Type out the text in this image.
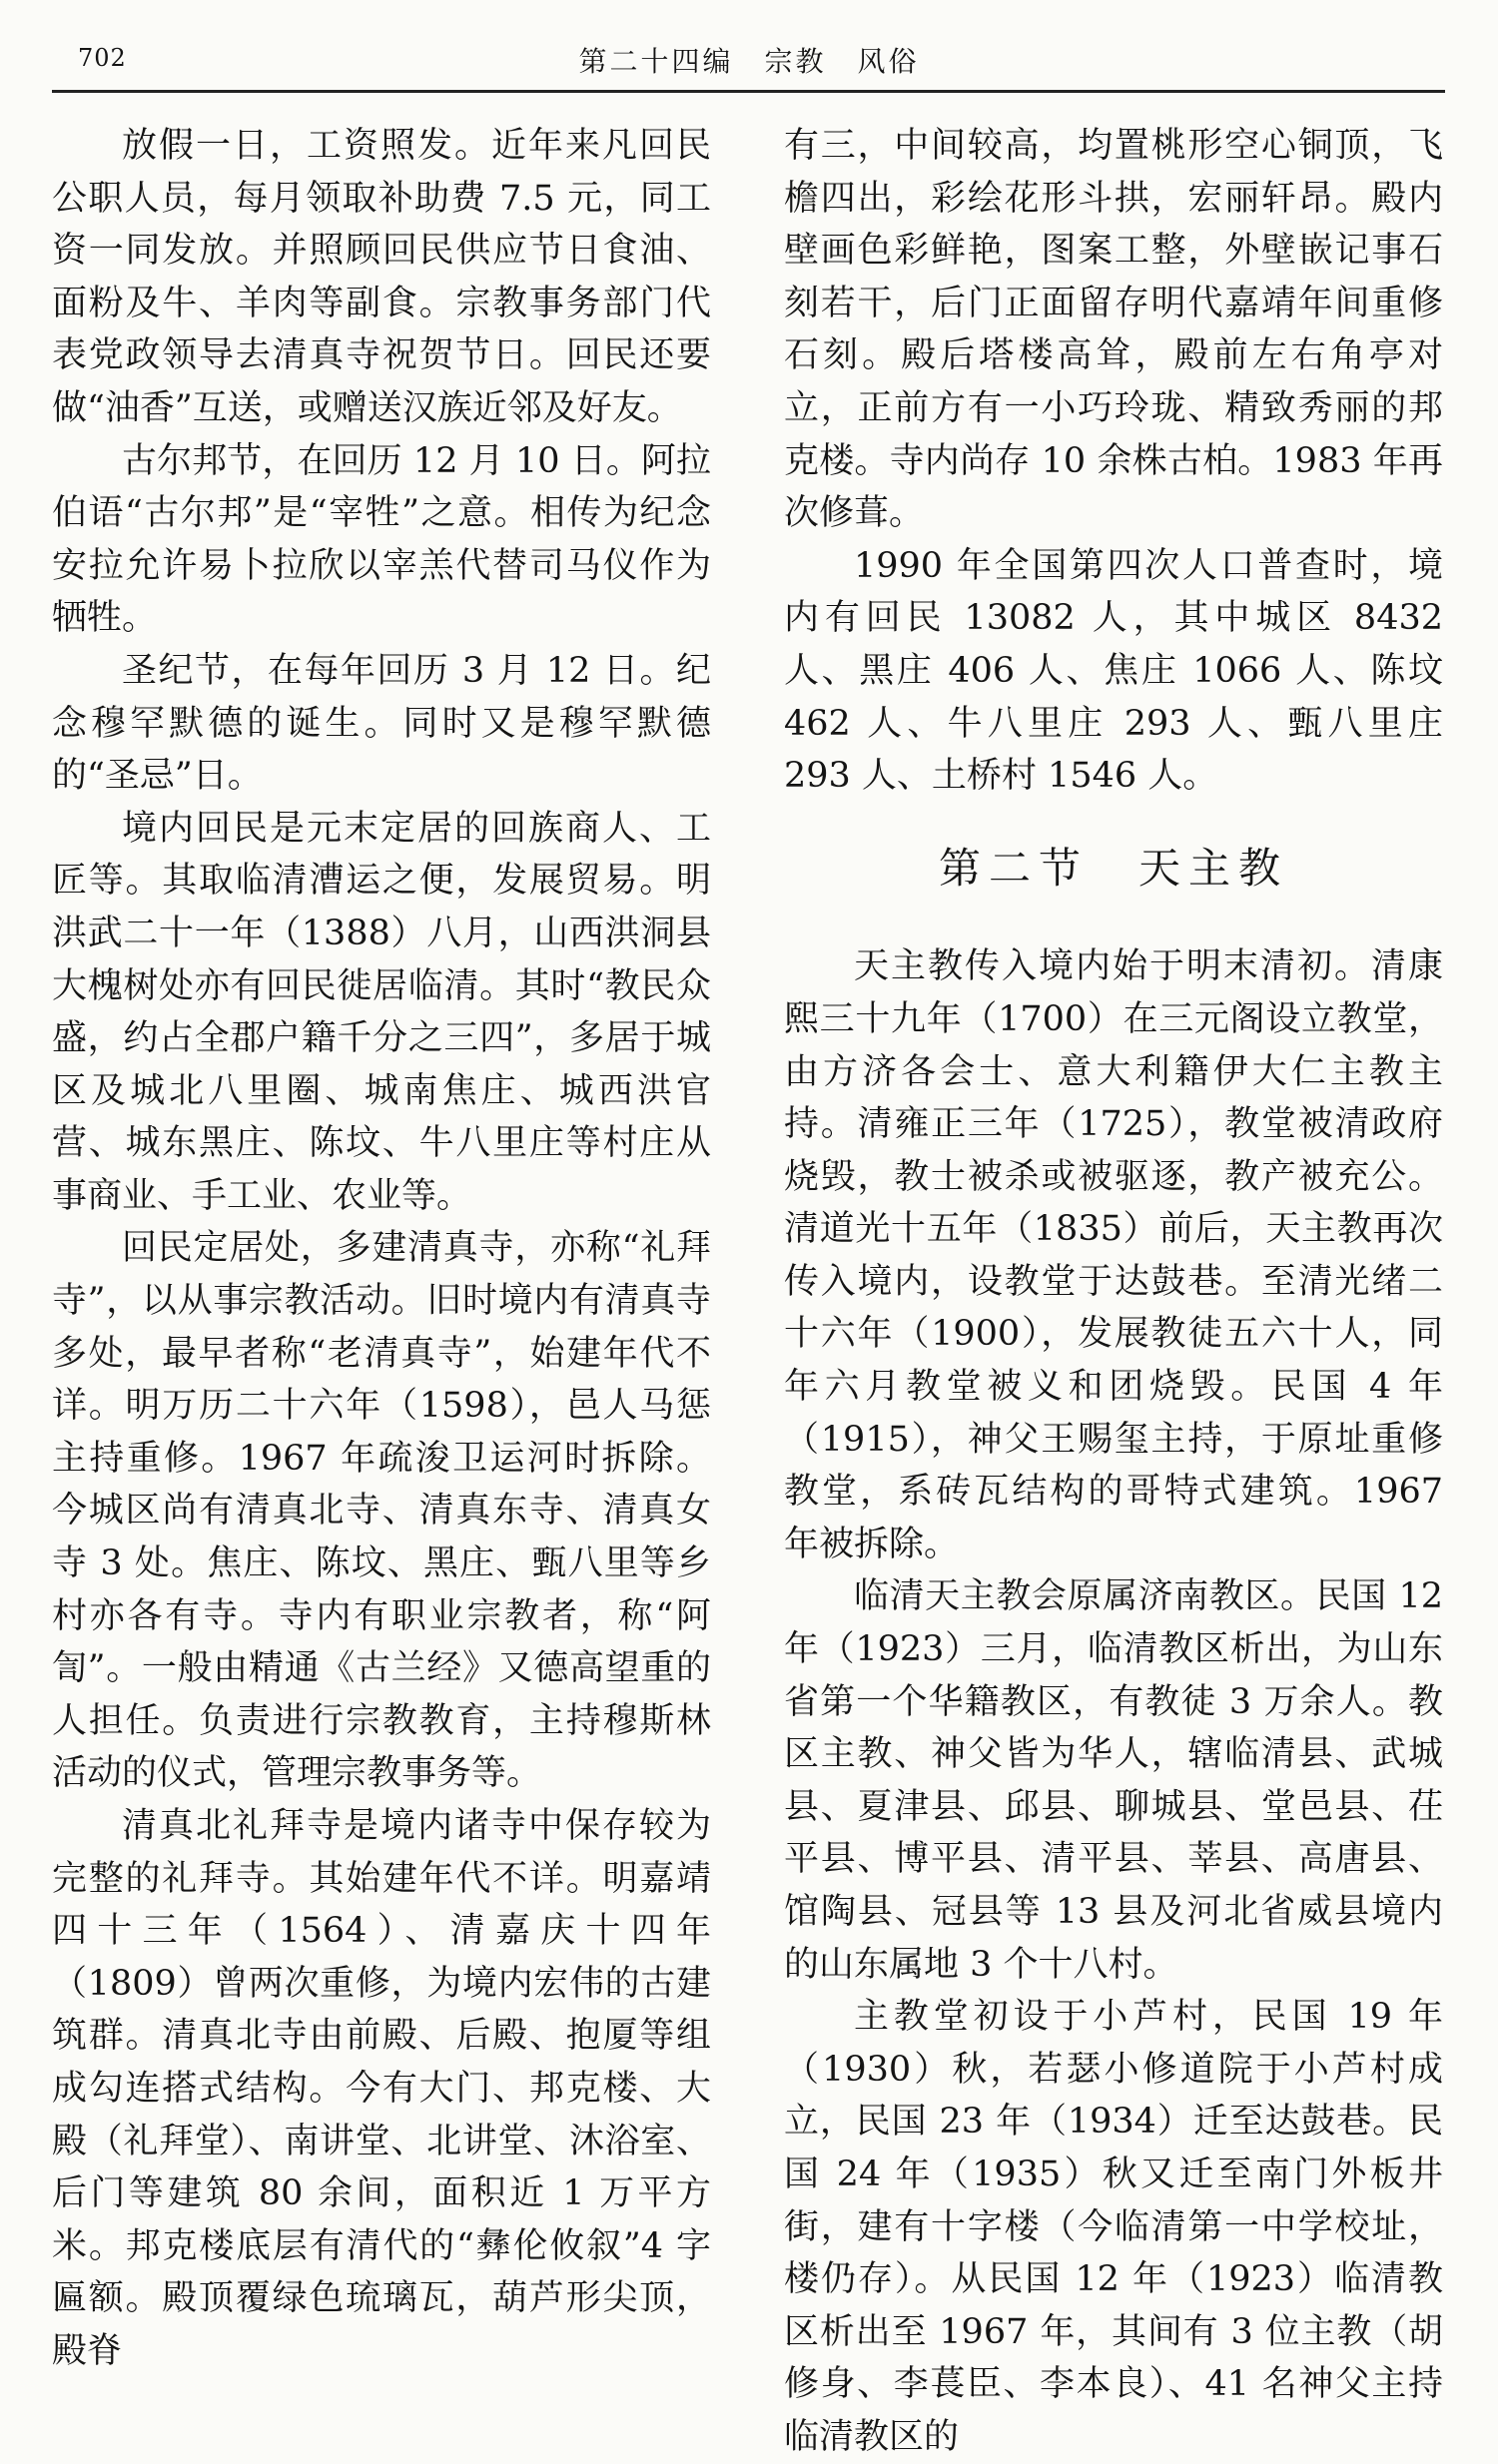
702	第二十四编　宗教　风俗

放假一日，工资照发。近年来凡回民公职人员，每月领取补助费 7.5 元，同工资一同发放。并照顾回民供应节日食油、面粉及牛、羊肉等副食。宗教事务部门代表党政领导去清真寺祝贺节日。回民还要做“油香”互送，或赠送汉族近邻及好友。

古尔邦节，在回历 12 月 10 日。阿拉伯语“古尔邦”是“宰牲”之意。相传为纪念安拉允许易卜拉欣以宰羔代替司马仪作为牺牲。

圣纪节，在每年回历 3 月 12 日。纪念穆罕默德的诞生。同时又是穆罕默德的“圣忌”日。

境内回民是元末定居的回族商人、工匠等。其取临清漕运之便，发展贸易。明洪武二十一年（1388）八月，山西洪洞县大槐树处亦有回民徙居临清。其时“教民众盛，约占全郡户籍千分之三四”，多居于城区及城北八里圈、城南焦庄、城西洪官营、城东黑庄、陈坟、牛八里庄等村庄从事商业、手工业、农业等。

回民定居处，多建清真寺，亦称“礼拜寺”，以从事宗教活动。旧时境内有清真寺多处，最早者称“老清真寺”，始建年代不详。明万历二十六年（1598），邑人马惩主持重修。1967 年疏浚卫运河时拆除。今城区尚有清真北寺、清真东寺、清真女寺 3 处。焦庄、陈坟、黑庄、甄八里等乡村亦各有寺。寺内有职业宗教者，称“阿訇”。一般由精通《古兰经》又德高望重的人担任。负责进行宗教教育，主持穆斯林活动的仪式，管理宗教事务等。

清真北礼拜寺是境内诸寺中保存较为完整的礼拜寺。其始建年代不详。明嘉靖四十三年（1564）、清嘉庆十四年（1809）曾两次重修，为境内宏伟的古建筑群。清真北寺由前殿、后殿、抱厦等组成勾连搭式结构。今有大门、邦克楼、大殿（礼拜堂）、南讲堂、北讲堂、沐浴室、后门等建筑 80 余间，面积近 1 万平方米。邦克楼底层有清代的“彝伦攸叙”4 字匾额。殿顶覆绿色琉璃瓦，葫芦形尖顶，殿脊

有三，中间较高，均置桃形空心铜顶，飞檐四出，彩绘花形斗拱，宏丽轩昂。殿内壁画色彩鲜艳，图案工整，外壁嵌记事石刻若干，后门正面留存明代嘉靖年间重修石刻。殿后塔楼高耸，殿前左右角亭对立，正前方有一小巧玲珑、精致秀丽的邦克楼。寺内尚存 10 余株古柏。1983 年再次修葺。

1990 年全国第四次人口普查时，境内有回民 13082 人，其中城区 8432 人、黑庄 406 人、焦庄 1066 人、陈坟 462 人、牛八里庄 293 人、甄八里庄 293 人、土桥村 1546 人。

第二节　天主教

天主教传入境内始于明末清初。清康熙三十九年（1700）在三元阁设立教堂，由方济各会士、意大利籍伊大仁主教主持。清雍正三年（1725），教堂被清政府烧毁，教士被杀或被驱逐，教产被充公。清道光十五年（1835）前后，天主教再次传入境内，设教堂于达鼓巷。至清光绪二十六年（1900），发展教徒五六十人，同年六月教堂被义和团烧毁。民国 4 年（1915），神父王赐玺主持，于原址重修教堂，系砖瓦结构的哥特式建筑。1967 年被拆除。

临清天主教会原属济南教区。民国 12 年（1923）三月，临清教区析出，为山东省第一个华籍教区，有教徒 3 万余人。教区主教、神父皆为华人，辖临清县、武城县、夏津县、邱县、聊城县、堂邑县、茌平县、博平县、清平县、莘县、高唐县、馆陶县、冠县等 13 县及河北省威县境内的山东属地 3 个十八村。

主教堂初设于小芦村，民国 19 年（1930）秋，若瑟小修道院于小芦村成立，民国 23 年（1934）迁至达鼓巷。民国 24 年（1935）秋又迁至南门外板井街，建有十字楼（今临清第一中学校址，楼仍存）。从民国 12 年（1923）临清教区析出至 1967 年，其间有 3 位主教（胡修身、李萇臣、李本良）、41 名神父主持临清教区的
